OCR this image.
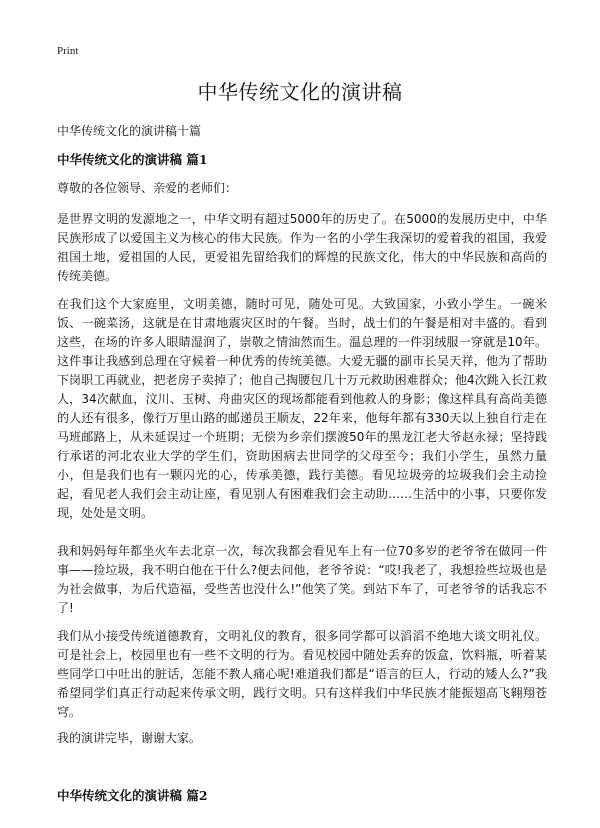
Print
中华传统文化的演讲稿
中华传统文化的演讲稿十篇
中华传统文化的演讲稿 篇1
尊敬的各位领导、亲爱的老师们：
是世界文明的发源地之一，中华文明有超过5000年的历史了。在5000的发展历史中，中华民族形成了以爱国主义为核心的伟大民族。作为一名的小学生我深切的爱着我的祖国，我爱祖国土地，爱祖国的人民，更爱祖先留给我们的辉煌的民族文化，伟大的中华民族和高尚的传统美德。
在我们这个大家庭里，文明美德，随时可见，随处可见。大致国家，小致小学生。一碗米饭、一碗菜汤，这就是在甘肃地震灾区时的午餐。当时，战士们的午餐是相对丰盛的。看到这些，在场的许多人眼睛湿润了，崇敬之情油然而生。温总理的一件羽绒服一穿就是10年。这件事让我感到总理在守候着一种优秀的传统美德。大爱无疆的副市长吴天祥，他为了帮助下岗职工再就业，把老房子卖掉了；他自己掏腰包几十万元救助困难群众；他4次跳入长江救人，34次献血，汶川、玉树、舟曲灾区的现场都能看到他救人的身影；像这样具有高尚美德的人还有很多，像行万里山路的邮递员王顺友，22年来，他每年都有330天以上独自行走在马班邮路上，从未延误过一个班期；无偿为乡亲们摆渡50年的黑龙江老大爷赵永禄；坚持践行承诺的河北农业大学的学生们，资助困病去世同学的父母至今；我们小学生，虽然力量小，但是我们也有一颗闪光的心，传承美德，践行美德。看见垃圾旁的垃圾我们会主动捡起，看见老人我们会主动让座，看见别人有困难我们会主动助……生活中的小事，只要你发现，处处是文明。
我和妈妈每年都坐火车去北京一次，每次我都会看见车上有一位70多岁的老爷爷在做同一件事——捡垃圾，我不明白他在干什么?便去问他，老爷爷说：“哎!我老了，我想捡些垃圾也是为社会做事，为后代造福，受些苦也没什么!”他笑了笑。到站下车了，可老爷爷的话我忘不了!
我们从小接受传统道德教育，文明礼仪的教育，很多同学都可以滔滔不绝地大谈文明礼仪。可是社会上，校园里也有一些不文明的行为。看见校园中随处丢弃的饭盒，饮料瓶，听着某些同学口中吐出的脏话，怎能不教人痛心呢!难道我们都是“语言的巨人，行动的矮人么?”我希望同学们真正行动起来传承文明，践行文明。只有这样我们中华民族才能振翅高飞翱翔苍穹。
我的演讲完毕，谢谢大家。
中华传统文化的演讲稿 篇2
